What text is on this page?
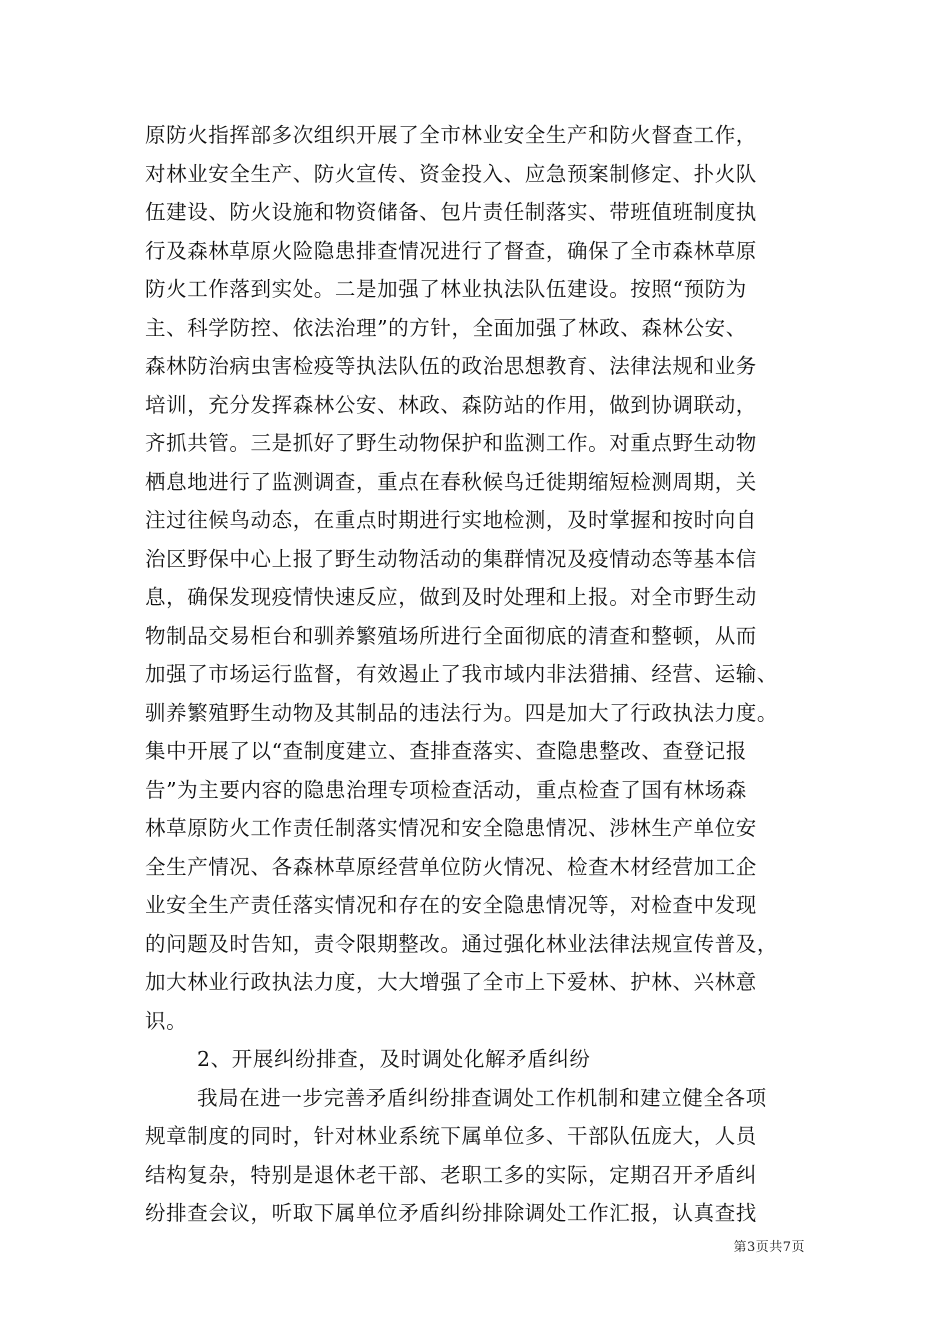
原防火指挥部多次组织开展了全市林业安全生产和防火督查工作，
对林业安全生产、防火宣传、资金投入、应急预案制修定、扑火队
伍建设、防火设施和物资储备、包片责任制落实、带班值班制度执
行及森林草原火险隐患排查情况进行了督查，确保了全市森林草原
防火工作落到实处。二是加强了林业执法队伍建设。按照“预防为
主、科学防控、依法治理”的方针，全面加强了林政、森林公安、
森林防治病虫害检疫等执法队伍的政治思想教育、法律法规和业务
培训，充分发挥森林公安、林政、森防站的作用，做到协调联动，
齐抓共管。三是抓好了野生动物保护和监测工作。对重点野生动物
栖息地进行了监测调查，重点在春秋候鸟迁徙期缩短检测周期，关
注过往候鸟动态，在重点时期进行实地检测，及时掌握和按时向自
治区野保中心上报了野生动物活动的集群情况及疫情动态等基本信
息，确保发现疫情快速反应，做到及时处理和上报。对全市野生动
物制品交易柜台和驯养繁殖场所进行全面彻底的清查和整顿，从而
加强了市场运行监督，有效遏止了我市域内非法猎捕、经营、运输、
驯养繁殖野生动物及其制品的违法行为。四是加大了行政执法力度。
集中开展了以“查制度建立、查排查落实、查隐患整改、查登记报
告”为主要内容的隐患治理专项检查活动，重点检查了国有林场森
林草原防火工作责任制落实情况和安全隐患情况、涉林生产单位安
全生产情况、各森林草原经营单位防火情况、检查木材经营加工企
业安全生产责任落实情况和存在的安全隐患情况等，对检查中发现
的问题及时告知，责令限期整改。通过强化林业法律法规宣传普及，
加大林业行政执法力度，大大增强了全市上下爱林、护林、兴林意
识。
2、开展纠纷排查，及时调处化解矛盾纠纷
我局在进一步完善矛盾纠纷排查调处工作机制和建立健全各项
规章制度的同时，针对林业系统下属单位多、干部队伍庞大，人员
结构复杂，特别是退休老干部、老职工多的实际，定期召开矛盾纠
纷排查会议，听取下属单位矛盾纠纷排除调处工作汇报，认真查找
第3页共7页
